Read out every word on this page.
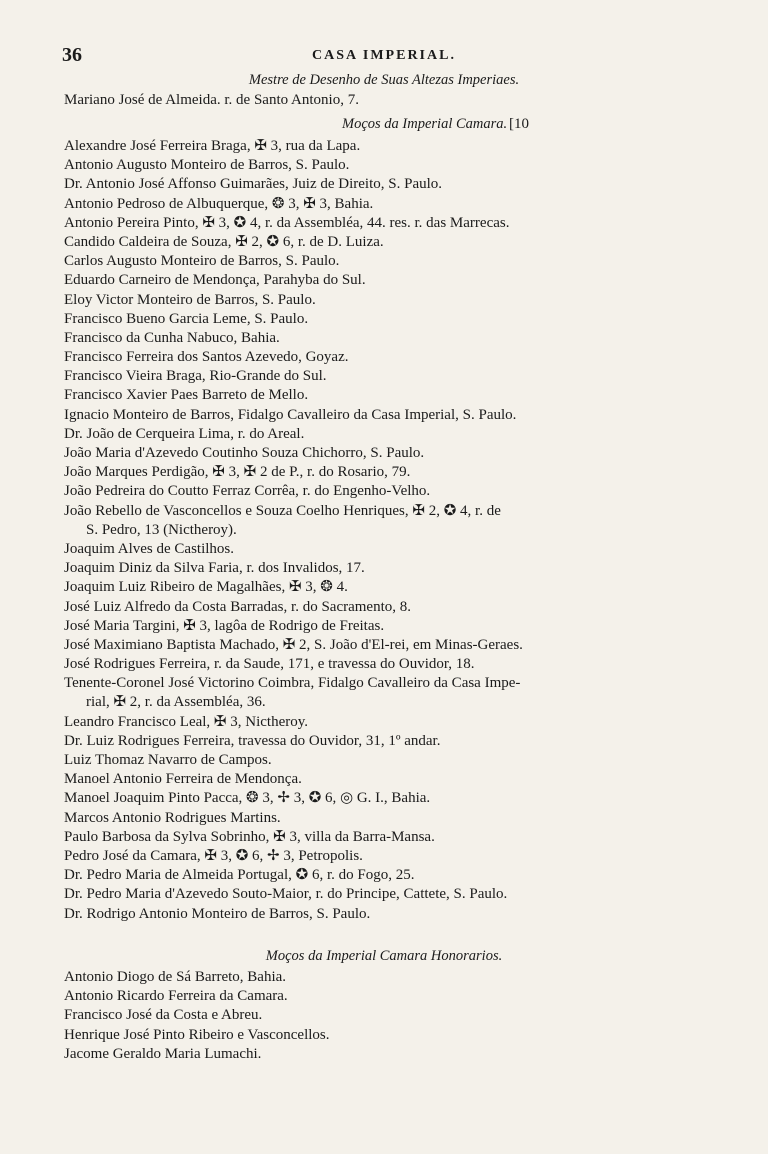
36	CASA IMPERIAL.
Mestre de Desenho de Suas Altezas Imperiaes.
Mariano José de Almeida. r. de Santo Antonio, 7.
Moços da Imperial Camara. [10
Alexandre José Ferreira Braga, ✠ 3, rua da Lapa.
Antonio Augusto Monteiro de Barros, S. Paulo.
Dr. Antonio José Affonso Guimarães, Juiz de Direito, S. Paulo.
Antonio Pedroso de Albuquerque, ❂ 3, ✠ 3, Bahia.
Antonio Pereira Pinto, ✠ 3, ✪ 4, r. da Assembléa, 44. res. r. das Marrecas.
Candido Caldeira de Souza, ✠ 2, ✪ 6, r. de D. Luiza.
Carlos Augusto Monteiro de Barros, S. Paulo.
Eduardo Carneiro de Mendonça, Parahyba do Sul.
Eloy Victor Monteiro de Barros, S. Paulo.
Francisco Bueno Garcia Leme, S. Paulo.
Francisco da Cunha Nabuco, Bahia.
Francisco Ferreira dos Santos Azevedo, Goyaz.
Francisco Vieira Braga, Rio-Grande do Sul.
Francisco Xavier Paes Barreto de Mello.
Ignacio Monteiro de Barros, Fidalgo Cavalleiro da Casa Imperial, S. Paulo.
Dr. João de Cerqueira Lima, r. do Areal.
João Maria d'Azevedo Coutinho Souza Chichorro, S. Paulo.
João Marques Perdigão, ✠ 3, ✠ 2 de P., r. do Rosario, 79.
João Pedreira do Coutto Ferraz Corrêa, r. do Engenho-Velho.
João Rebello de Vasconcellos e Souza Coelho Henriques, ✠ 2, ✪ 4, r. de
S. Pedro, 13 (Nictheroy).
Joaquim Alves de Castilhos.
Joaquim Diniz da Silva Faria, r. dos Invalidos, 17.
Joaquim Luiz Ribeiro de Magalhães, ✠ 3, ❂ 4.
José Luiz Alfredo da Costa Barradas, r. do Sacramento, 8.
José Maria Targini, ✠ 3, lagôa de Rodrigo de Freitas.
José Maximiano Baptista Machado, ✠ 2, S. João d'El-rei, em Minas-Geraes.
José Rodrigues Ferreira, r. da Saude, 171, e travessa do Ouvidor, 18.
Tenente-Coronel José Victorino Coimbra, Fidalgo Cavalleiro da Casa Impe-
rial, ✠ 2, r. da Assembléa, 36.
Leandro Francisco Leal, ✠ 3, Nictheroy.
Dr. Luiz Rodrigues Ferreira, travessa do Ouvidor, 31, 1º andar.
Luiz Thomaz Navarro de Campos.
Manoel Antonio Ferreira de Mendonça.
Manoel Joaquim Pinto Pacca, ❂ 3, ✢ 3, ✪ 6, ◎ G. I., Bahia.
Marcos Antonio Rodrigues Martins.
Paulo Barbosa da Sylva Sobrinho, ✠ 3, villa da Barra-Mansa.
Pedro José da Camara, ✠ 3, ✪ 6, ✢ 3, Petropolis.
Dr. Pedro Maria de Almeida Portugal, ✪ 6, r. do Fogo, 25.
Dr. Pedro Maria d'Azevedo Souto-Maior, r. do Principe, Cattete, S. Paulo.
Dr. Rodrigo Antonio Monteiro de Barros, S. Paulo.
Moços da Imperial Camara Honorarios.
Antonio Diogo de Sá Barreto, Bahia.
Antonio Ricardo Ferreira da Camara.
Francisco José da Costa e Abreu.
Henrique José Pinto Ribeiro e Vasconcellos.
Jacome Geraldo Maria Lumachi.
